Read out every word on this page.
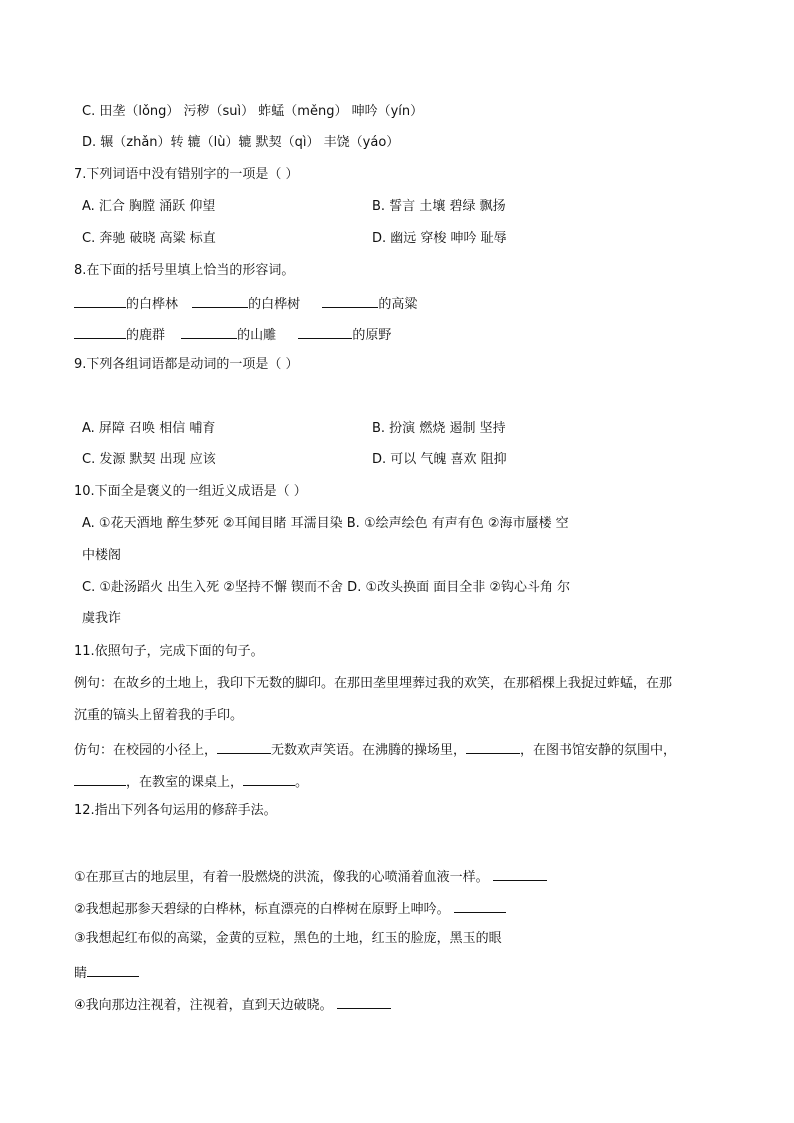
C. 田垄（lǒng） 污秽（suì） 蚱蜢（měng） 呻吟（yín）
D. 辗（zhǎn）转 辘（lù）辘 默契（qì） 丰饶（yáo）
7.下列词语中没有错别字的一项是（ ）
A. 汇合 胸膛 涌跃 仰望	B. 誓言 土壤 碧绿 飘扬
C. 奔驰 破晓 高粱 标直	D. 幽远 穿梭 呻吟 耻辱
8.在下面的括号里填上恰当的形容词。
的白桦林	的白桦树	的高粱
的鹿群	的山雕	的原野
9.下列各组词语都是动词的一项是（ ）
A. 屏障 召唤 相信 哺育	B. 扮演 燃烧 遏制 坚持
C. 发源 默契 出现 应该	D. 可以 气魄 喜欢 阻抑
10.下面全是褒义的一组近义成语是（ ）
A. ①花天酒地 醉生梦死 ②耳闻目睹 耳濡目染 B. ①绘声绘色 有声有色 ②海市蜃楼 空
中楼阁
C. ①赴汤蹈火 出生入死 ②坚持不懈 锲而不舍 D. ①改头换面 面目全非 ②钩心斗角 尔
虞我诈
11.依照句子，完成下面的句子。
例句：在故乡的土地上，我印下无数的脚印。在那田垄里埋葬过我的欢笑，在那稻棵上我捉过蚱蜢，在那
沉重的镐头上留着我的手印。
仿句：在校园的小径上，	无数欢声笑语。在沸腾的操场里，	，在图书馆安静的氛围中，
，在教室的课桌上，	。
12.指出下列各句运用的修辞手法。
①在那亘古的地层里，有着一股燃烧的洪流，像我的心喷涌着血液一样。
②我想起那参天碧绿的白桦林，标直漂亮的白桦树在原野上呻吟。
③我想起红布似的高粱，金黄的豆粒，黑色的土地，红玉的脸庞，黑玉的眼
睛
④我向那边注视着，注视着，直到天边破晓。
